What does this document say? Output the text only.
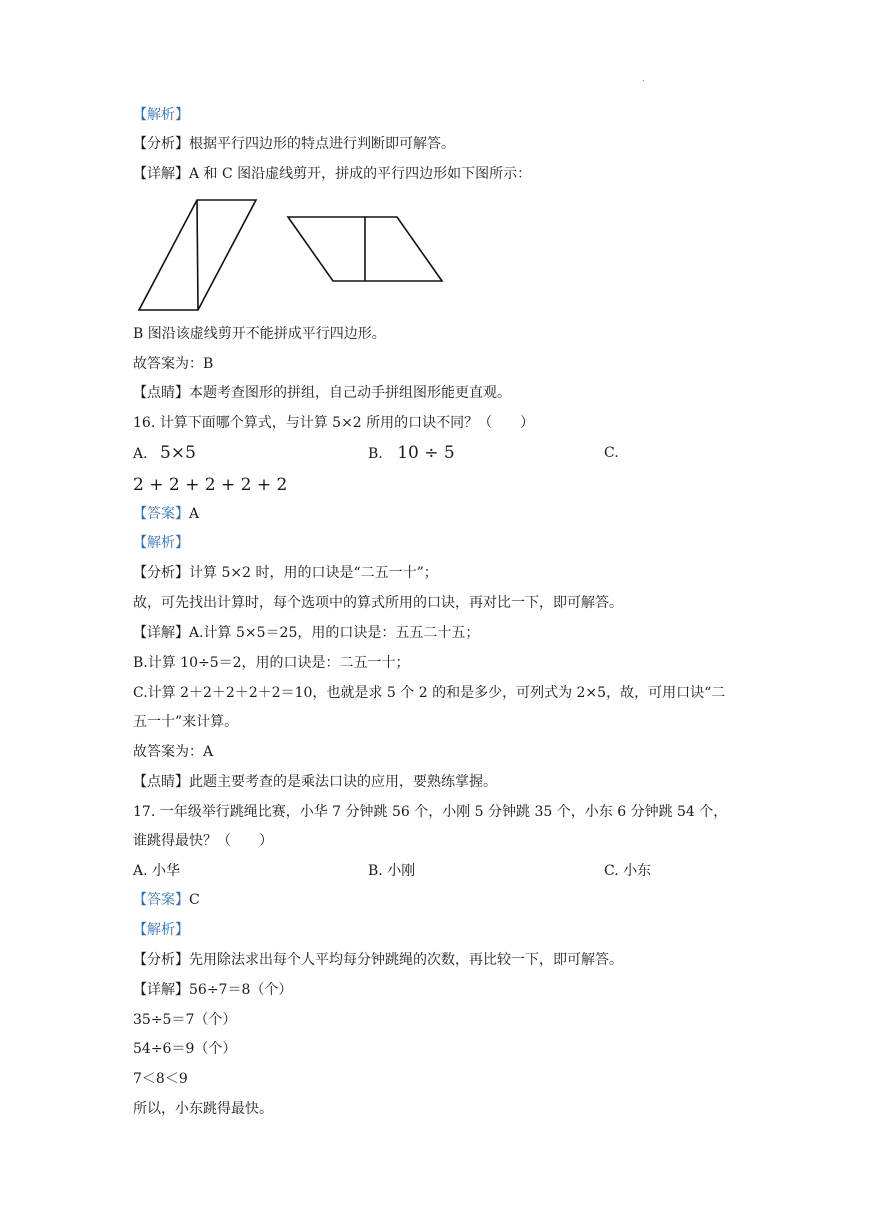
.
【解析】
【分析】根据平行四边形的特点进行判断即可解答。
【详解】A 和 C 图沿虚线剪开，拼成的平行四边形如下图所示：
B 图沿该虚线剪开不能拼成平行四边形。
故答案为：B
【点睛】本题考查图形的拼组，自己动手拼组图形能更直观。
16. 计算下面哪个算式，与计算 5×2 所用的口诀不同？（　　）
A. 5×5	B. 10 ÷ 5	C.
2 + 2 + 2 + 2 + 2
【答案】A
【解析】
【分析】计算 5×2 时，用的口诀是“二五一十”；
故，可先找出计算时，每个选项中的算式所用的口诀，再对比一下，即可解答。
【详解】A.计算 5×5＝25，用的口诀是：五五二十五；
B.计算 10÷5＝2，用的口诀是：二五一十；
C.计算 2＋2＋2＋2＋2＝10，也就是求 5 个 2 的和是多少，可列式为 2×5，故，可用口诀“二
五一十”来计算。
故答案为：A
【点睛】此题主要考查的是乘法口诀的应用，要熟练掌握。
17. 一年级举行跳绳比赛，小华 7 分钟跳 56 个，小刚 5 分钟跳 35 个，小东 6 分钟跳 54 个，
谁跳得最快？（　　）
A. 小华	B. 小刚	C. 小东
【答案】C
【解析】
【分析】先用除法求出每个人平均每分钟跳绳的次数，再比较一下，即可解答。
【详解】56÷7＝8（个）
35÷5＝7（个）
54÷6＝9（个）
7＜8＜9
所以，小东跳得最快。
